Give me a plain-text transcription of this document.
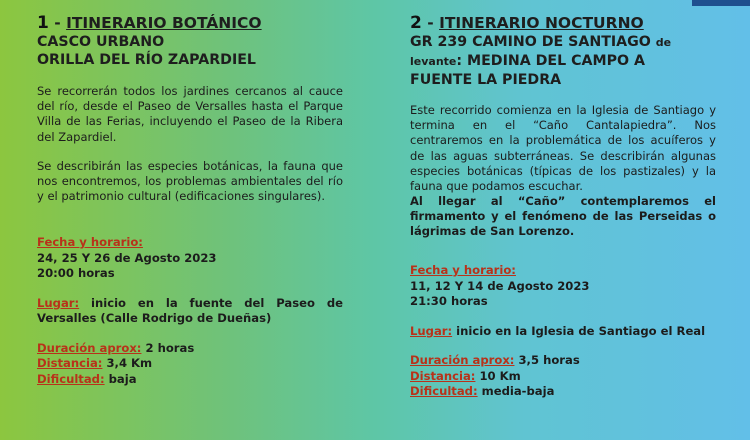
1 - ITINERARIO BOTÁNICO
CASCO URBANO
ORILLA DEL RÍO ZAPARDIEL

Se recorrerán todos los jardines cercanos al cauce del río, desde el Paseo de Versalles hasta el Parque Villa de las Ferias, incluyendo el Paseo de la Ribera del Zapardiel.

Se describirán las especies botánicas, la fauna que nos encontremos, los problemas ambientales del río y el patrimonio cultural (edificaciones singulares).

Fecha y horario:
24, 25 Y 26 de Agosto 2023
20:00 horas
Lugar: inicio en la fuente del Paseo de Versalles (Calle Rodrigo de Dueñas)
Duración aprox: 2 horas
Distancia: 3,4 Km
Dificultad: baja
2 - ITINERARIO NOCTURNO
GR 239 CAMINO DE SANTIAGO de
levante: MEDINA DEL CAMPO A
FUENTE LA PIEDRA

Este recorrido comienza en la Iglesia de Santiago y termina en el “Caño Cantalapiedra”. Nos centraremos en la problemática de los acuíferos y de las aguas subterráneas. Se describirán algunas especies botánicas (típicas de los pastizales) y la fauna que podamos escuchar.

Al llegar al “Caño” contemplaremos el firmamento y el fenómeno de las Perseidas o lágrimas de San Lorenzo.

Fecha y horario:
11, 12 Y 14 de Agosto 2023
21:30 horas
Lugar: inicio en la Iglesia de Santiago el Real
Duración aprox: 3,5 horas
Distancia: 10 Km
Dificultad: media-baja
